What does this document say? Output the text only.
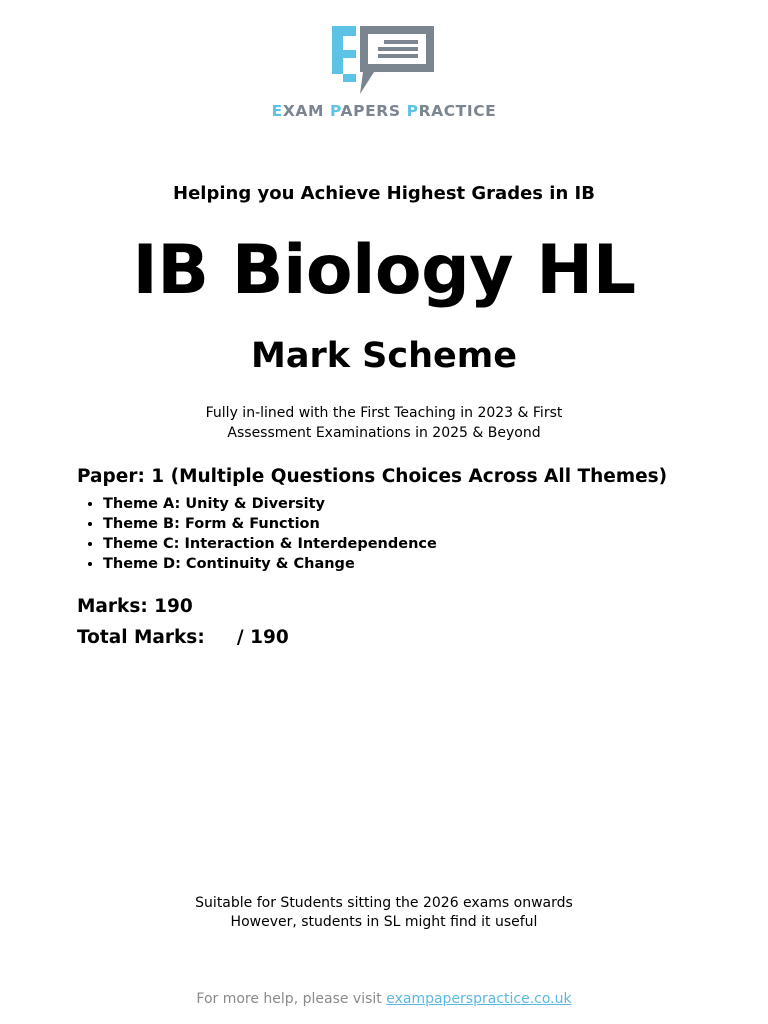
EXAM PAPERS PRACTICE
Helping you Achieve Highest Grades in IB
IB Biology HL
Mark Scheme
Fully in-lined with the First Teaching in 2023 & First
Assessment Examinations in 2025 & Beyond
Paper: 1 (Multiple Questions Choices Across All Themes)
• Theme A: Unity & Diversity
• Theme B: Form & Function
• Theme C: Interaction & Interdependence
• Theme D: Continuity & Change
Marks: 190
Total Marks:     / 190
Suitable for Students sitting the 2026 exams onwards
However, students in SL might find it useful
For more help, please visit exampaperspractice.co.uk
